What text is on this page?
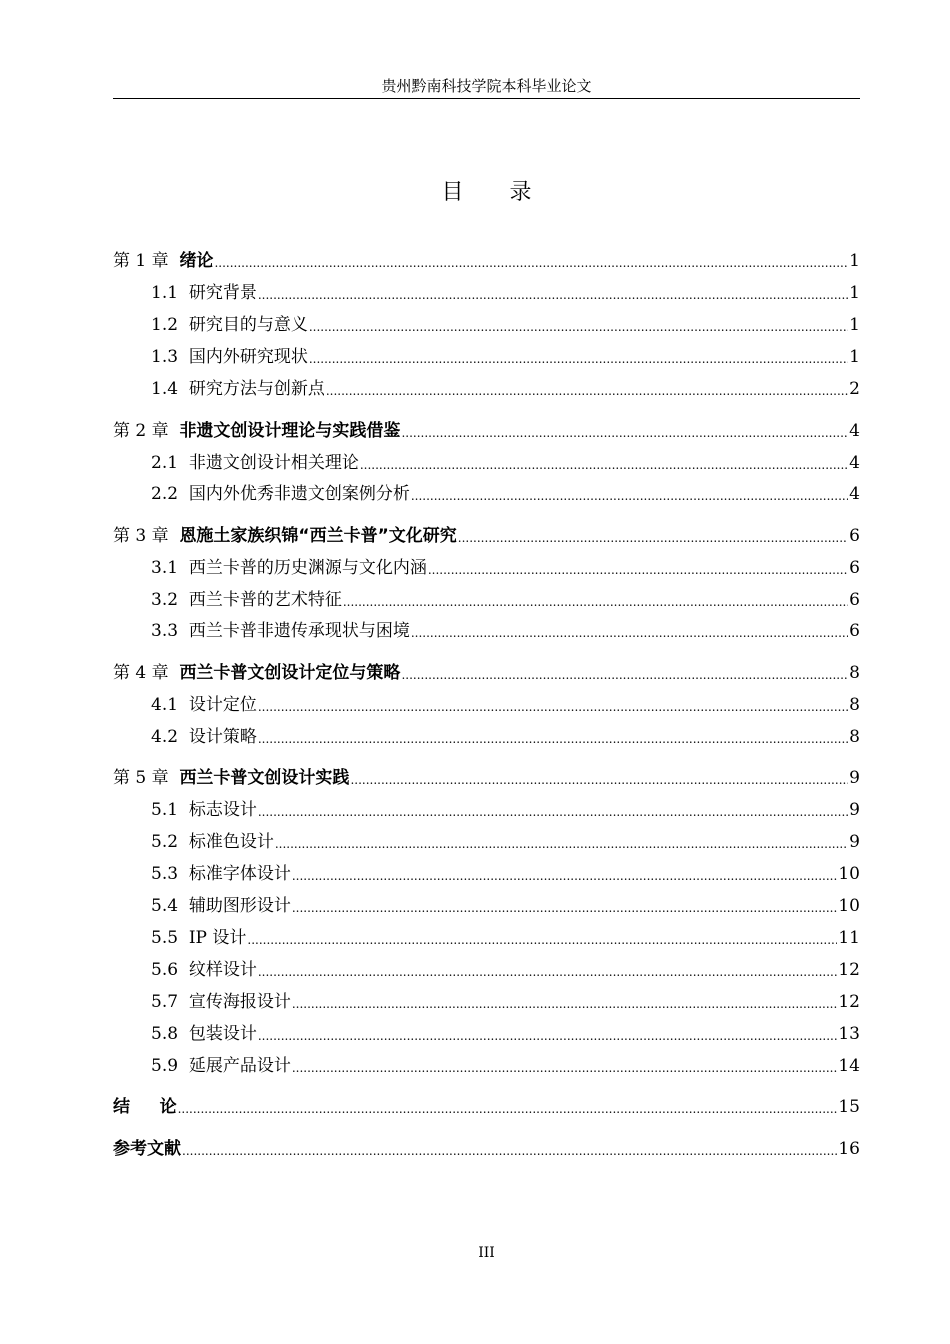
贵州黔南科技学院本科毕业论文
目录
第 1 章 绪论 .....	1
1.1 研究背景 .....	1
1.2 研究目的与意义 .....	1
1.3 国内外研究现状 .....	1
1.4 研究方法与创新点 .....	2
第 2 章 非遗文创设计理论与实践借鉴 .....	4
2.1 非遗文创设计相关理论 .....	4
2.2 国内外优秀非遗文创案例分析 .....	4
第 3 章 恩施土家族织锦“西兰卡普”文化研究 .....	6
3.1 西兰卡普的历史渊源与文化内涵 .....	6
3.2 西兰卡普的艺术特征 .....	6
3.3 西兰卡普非遗传承现状与困境 .....	6
第 4 章 西兰卡普文创设计定位与策略 .....	8
4.1 设计定位 .....	8
4.2 设计策略 .....	8
第 5 章 西兰卡普文创设计实践 .....	9
5.1 标志设计 .....	9
5.2 标准色设计 .....	9
5.3 标准字体设计 .....	10
5.4 辅助图形设计 .....	10
5.5 IP 设计 .....	11
5.6 纹样设计 .....	12
5.7 宣传海报设计 .....	12
5.8 包装设计 .....	13
5.9 延展产品设计 .....	14
结     论 .....	15
参考文献 .....	16
III
